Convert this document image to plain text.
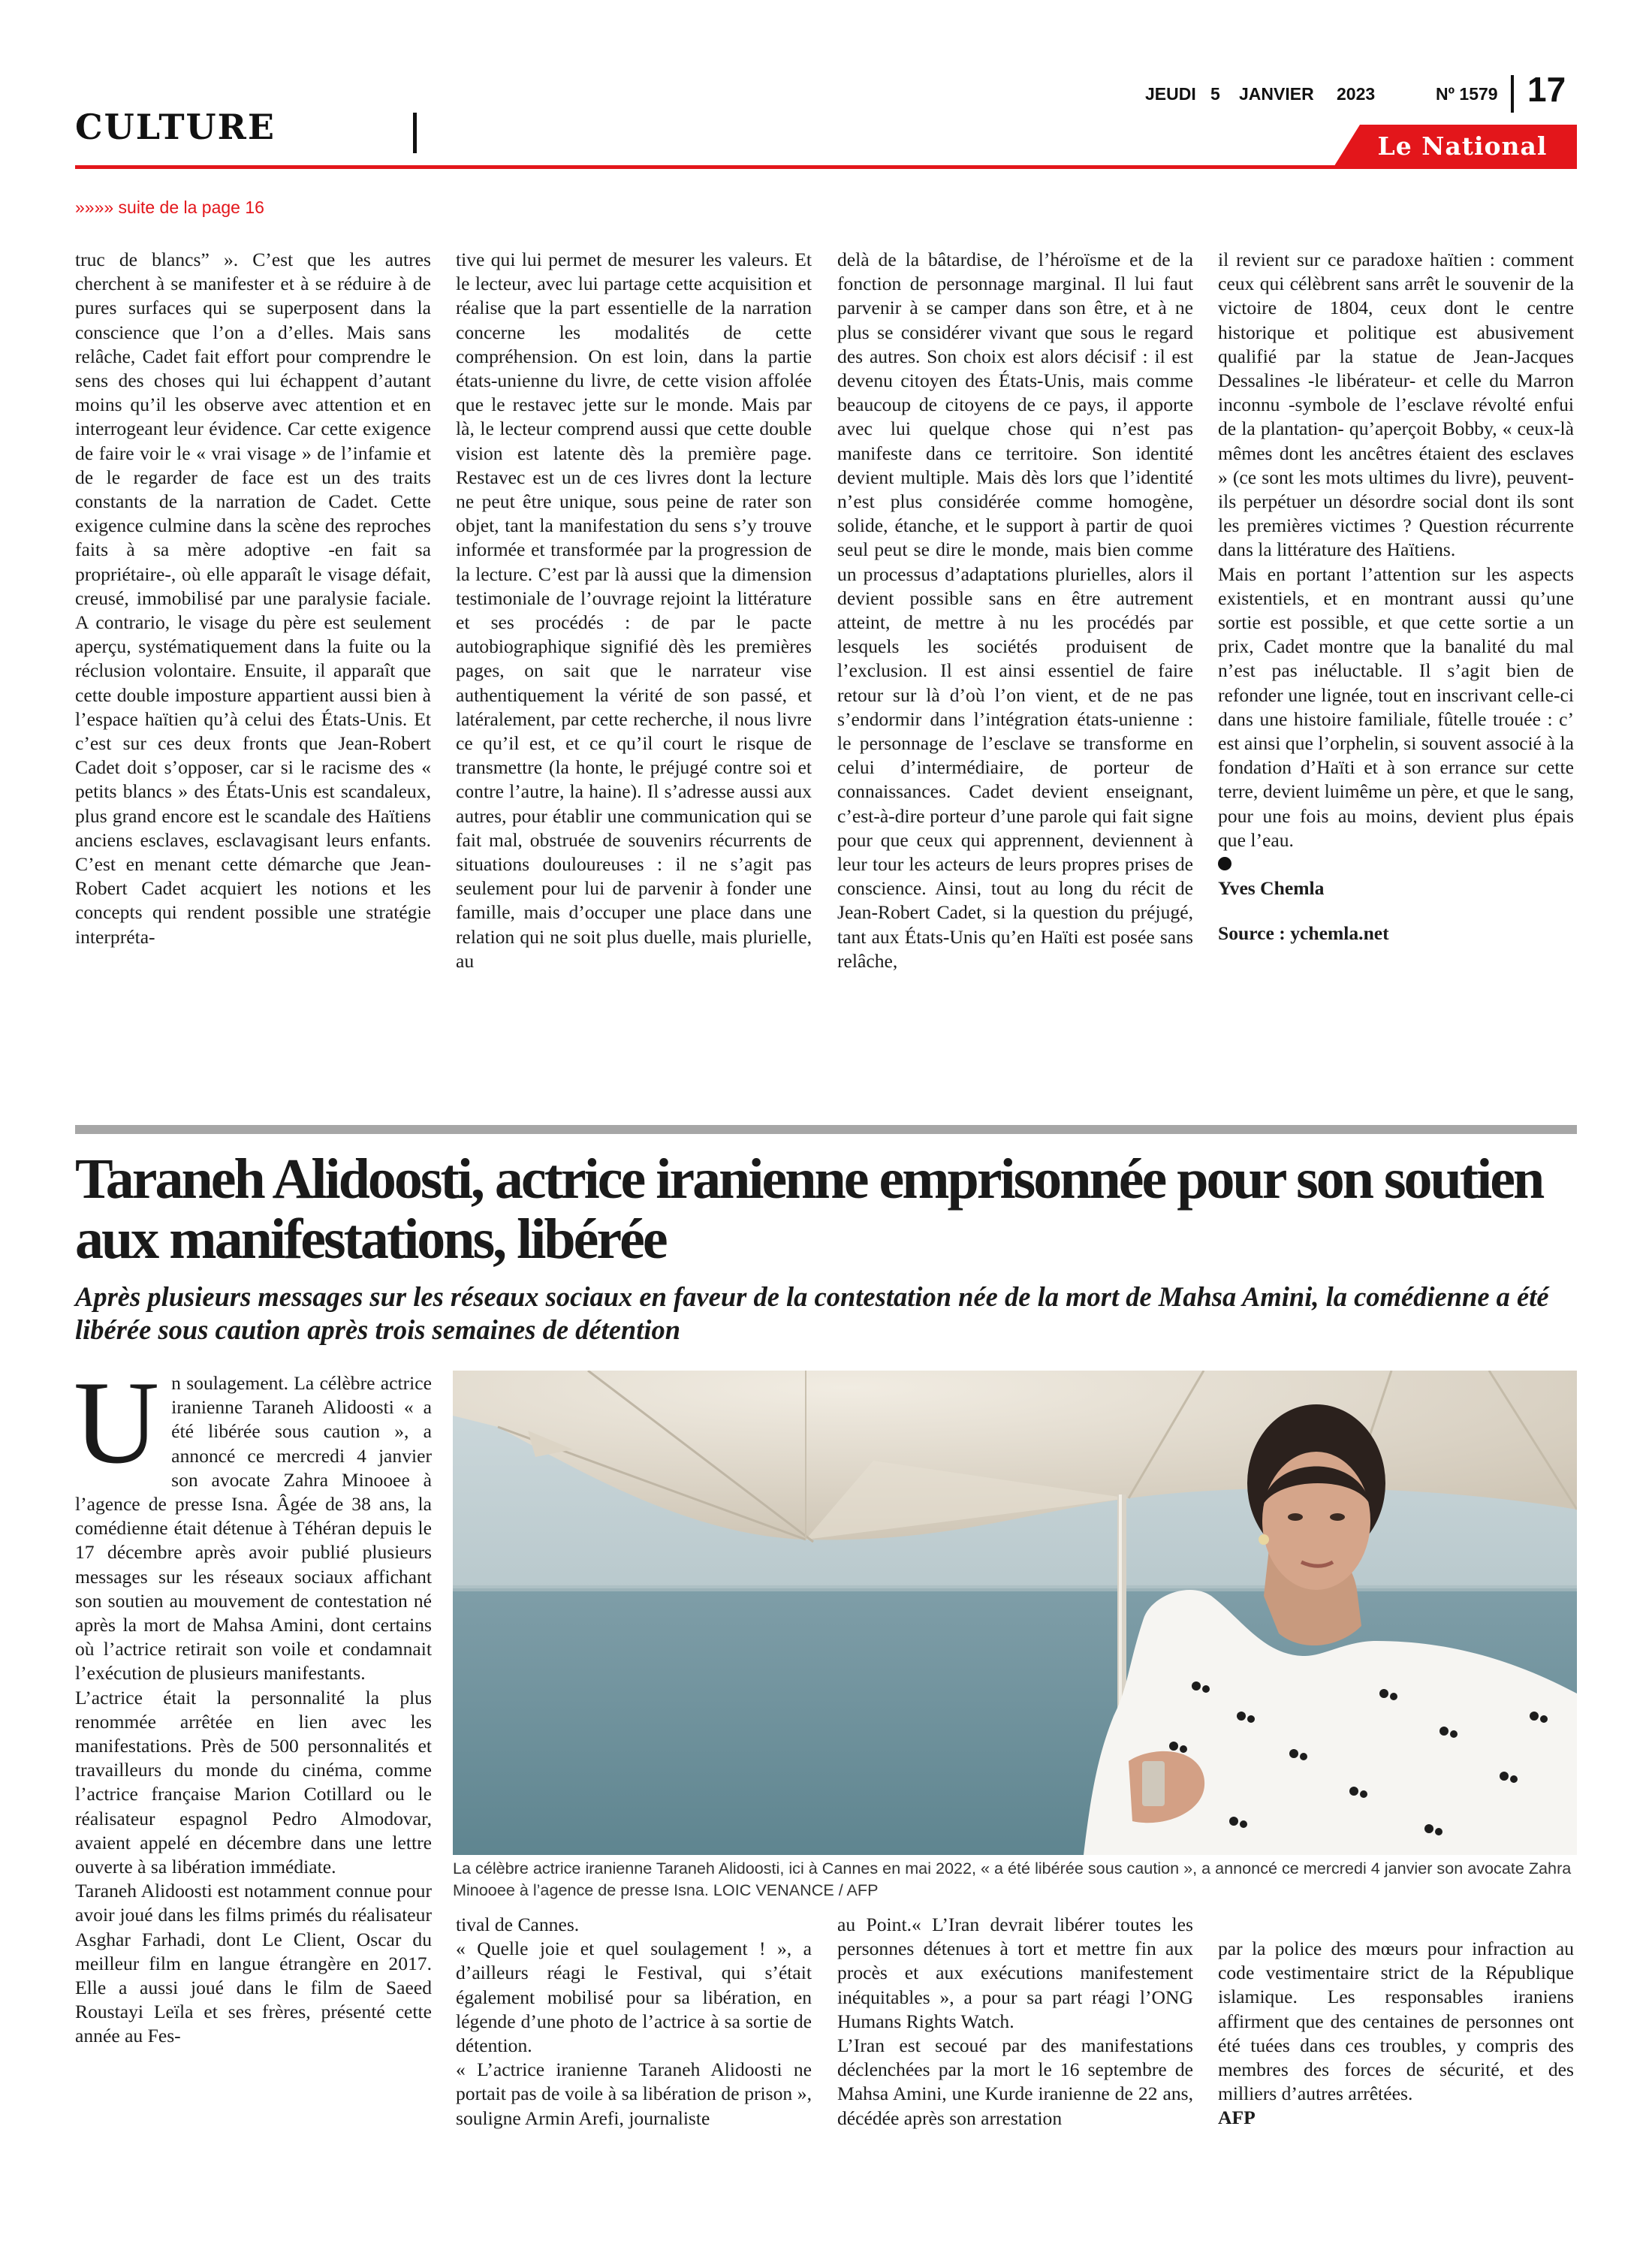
CULTURE
JEUDI 5 JANVIER 2023	Nº 1579 17
Le National
»»»» suite de la page 16

truc de blancs” ». C’est que les autres cherchent à se manifester et à se réduire à de pures surfaces qui se superposent dans la conscience que l’on a d’elles. Mais sans relâche, Cadet fait effort pour comprendre le sens des choses qui lui échappent d’autant moins qu’il les observe avec attention et en interrogeant leur évidence. Car cette exigence de faire voir le « vrai visage » de l’infamie et de le regarder de face est un des traits constants de la narration de Cadet. Cette exigence culmine dans la scène des reproches faits à sa mère adoptive -en fait sa propriétaire-, où elle apparaît le visage défait, creusé, immobilisé par une paralysie faciale. A contrario, le visage du père est seulement aperçu, systématiquement dans la fuite ou la réclusion volontaire. Ensuite, il apparaît que cette double imposture appartient aussi bien à l’espace haïtien qu’à celui des États-Unis. Et c’est sur ces deux fronts que Jean-Robert Cadet doit s’opposer, car si le racisme des « petits blancs » des États-Unis est scandaleux, plus grand encore est le scandale des Haïtiens anciens esclaves, esclavagisant leurs enfants. C’est en menant cette démarche que Jean-Robert Cadet acquiert les notions et les concepts qui rendent possible une stratégie interpréta-

tive qui lui permet de mesurer les valeurs. Et le lecteur, avec lui partage cette acquisition et réalise que la part essentielle de la narration concerne les modalités de cette compréhension. On est loin, dans la partie états-unienne du livre, de cette vision affolée que le restavec jette sur le monde. Mais par là, le lecteur comprend aussi que cette double vision est latente dès la première page. Restavec est un de ces livres dont la lecture ne peut être unique, sous peine de rater son objet, tant la manifestation du sens s’y trouve informée et transformée par la progression de la lecture. C’est par là aussi que la dimension testimoniale de l’ouvrage rejoint la littérature et ses procédés : de par le pacte autobiographique signifié dès les premières pages, on sait que le narrateur vise authentiquement la vérité de son passé, et latéralement, par cette recherche, il nous livre ce qu’il est, et ce qu’il court le risque de transmettre (la honte, le préjugé contre soi et contre l’autre, la haine). Il s’adresse aussi aux autres, pour établir une communication qui se fait mal, obstruée de souvenirs récurrents de situations douloureuses : il ne s’agit pas seulement pour lui de parvenir à fonder une famille, mais d’occuper une place dans une relation qui ne soit plus duelle, mais plurielle, au

delà de la bâtardise, de l’héroïsme et de la fonction de personnage marginal. Il lui faut parvenir à se camper dans son être, et à ne plus se considérer vivant que sous le regard des autres. Son choix est alors décisif : il est devenu citoyen des États-Unis, mais comme beaucoup de citoyens de ce pays, il apporte avec lui quelque chose qui n’est pas manifeste dans ce territoire. Son identité devient multiple. Mais dès lors que l’identité n’est plus considérée comme homogène, solide, étanche, et le support à partir de quoi seul peut se dire le monde, mais bien comme un processus d’adaptations plurielles, alors il devient possible sans en être autrement atteint, de mettre à nu les procédés par lesquels les sociétés produisent de l’exclusion. Il est ainsi essentiel de faire retour sur là d’où l’on vient, et de ne pas s’endormir dans l’intégration états-unienne : le personnage de l’esclave se transforme en celui d’intermédiaire, de porteur de connaissances. Cadet devient enseignant, c’est-à-dire porteur d’une parole qui fait signe pour que ceux qui apprennent, deviennent à leur tour les acteurs de leurs propres prises de conscience. Ainsi, tout au long du récit de Jean-Robert Cadet, si la question du préjugé, tant aux États-Unis qu’en Haïti est posée sans relâche,

il revient sur ce paradoxe haïtien : comment ceux qui célèbrent sans arrêt le souvenir de la victoire de 1804, ceux dont le centre historique et politique est abusivement qualifié par la statue de Jean-Jacques Dessalines -le libérateur- et celle du Marron inconnu -symbole de l’esclave révolté enfui de la plantation- qu’aperçoit Bobby, « ceux-là mêmes dont les ancêtres étaient des esclaves » (ce sont les mots ultimes du livre), peuvent-ils perpétuer un désordre social dont ils sont les premières victimes ? Question récurrente dans la littérature des Haïtiens.

Mais en portant l’attention sur les aspects existentiels, et en montrant aussi qu’une sortie est possible, et que cette sortie a un prix, Cadet montre que la banalité du mal n’est pas inéluctable. Il s’agit bien de refonder une lignée, tout en inscrivant celle-ci dans une histoire familiale, fûtelle trouée : c’ est ainsi que l’orphelin, si souvent associé à la fondation d’Haïti et à son errance sur cette terre, devient luimême un père, et que le sang, pour une fois au moins, devient plus épais que l’eau.

Yves Chemla

Source : ychemla.net

Taraneh Alidoosti, actrice iranienne emprisonnée pour son soutien aux manifestations, libérée
Après plusieurs messages sur les réseaux sociaux en faveur de la contestation née de la mort de Mahsa Amini, la comédienne a été libérée sous caution après trois semaines de détention

Un soulagement. La célèbre actrice iranienne Taraneh Alidoosti « a été libérée sous caution », a annoncé ce mercredi 4 janvier son avocate Zahra Minooee à l’agence de presse Isna. Âgée de 38 ans, la comédienne était détenue à Téhéran depuis le 17 décembre après avoir publié plusieurs messages sur les réseaux sociaux affichant son soutien au mouvement de contestation né après la mort de Mahsa Amini, dont certains où l’actrice retirait son voile et condamnait l’exécution de plusieurs manifestants.

L’actrice était la personnalité la plus renommée arrêtée en lien avec les manifestations. Près de 500 personnalités et travailleurs du monde du cinéma, comme l’actrice française Marion Cotillard ou le réalisateur espagnol Pedro Almodovar, avaient appelé en décembre dans une lettre ouverte à sa libération immédiate.

Taraneh Alidoosti est notamment connue pour avoir joué dans les films primés du réalisateur Asghar Farhadi, dont Le Client, Oscar du meilleur film en langue étrangère en 2017. Elle a aussi joué dans le film de Saeed Roustayi Leïla et ses frères, présenté cette année au Fes-

La célèbre actrice iranienne Taraneh Alidoosti, ici à Cannes en mai 2022, « a été libérée sous caution », a annoncé ce mercredi 4 janvier son avocate Zahra Minooee à l’agence de presse Isna. LOIC VENANCE / AFP

tival de Cannes.

« Quelle joie et quel soulagement ! », a d’ailleurs réagi le Festival, qui s’était également mobilisé pour sa libération, en légende d’une photo de l’actrice à sa sortie de détention.

« L’actrice iranienne Taraneh Alidoosti ne portait pas de voile à sa libération de prison », souligne Armin Arefi, journaliste

au Point.« L’Iran devrait libérer toutes les personnes détenues à tort et mettre fin aux procès et aux exécutions manifestement inéquitables », a pour sa part réagi l’ONG Humans Rights Watch.

L’Iran est secoué par des manifestations déclenchées par la mort le 16 septembre de Mahsa Amini, une Kurde iranienne de 22 ans, décédée après son arrestation

par la police des mœurs pour infraction au code vestimentaire strict de la République islamique. Les responsables iraniens affirment que des centaines de personnes ont été tuées dans ces troubles, y compris des membres des forces de sécurité, et des milliers d’autres arrêtées.

AFP
